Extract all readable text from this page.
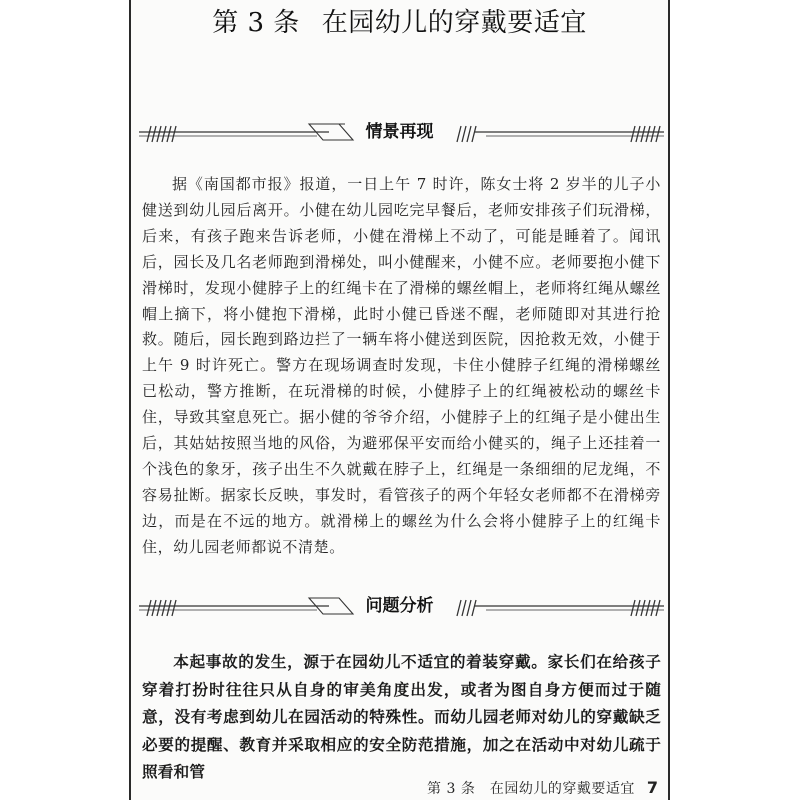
第 3 条 在园幼儿的穿戴要适宜
情景再现

据《南国都市报》报道，一日上午 7 时许，陈女士将 2 岁半的儿子小健送到幼儿园后离开。小健在幼儿园吃完早餐后，老师安排孩子们玩滑梯，后来，有孩子跑来告诉老师，小健在滑梯上不动了，可能是睡着了。闻讯后，园长及几名老师跑到滑梯处，叫小健醒来，小健不应。老师要抱小健下滑梯时，发现小健脖子上的红绳卡在了滑梯的螺丝帽上，老师将红绳从螺丝帽上摘下，将小健抱下滑梯，此时小健已昏迷不醒，老师随即对其进行抢救。随后，园长跑到路边拦了一辆车将小健送到医院，因抢救无效，小健于上午 9 时许死亡。警方在现场调查时发现，卡住小健脖子红绳的滑梯螺丝已松动，警方推断，在玩滑梯的时候，小健脖子上的红绳被松动的螺丝卡住，导致其窒息死亡。据小健的爷爷介绍，小健脖子上的红绳子是小健出生后，其姑姑按照当地的风俗，为避邪保平安而给小健买的，绳子上还挂着一个浅色的象牙，孩子出生不久就戴在脖子上，红绳是一条细细的尼龙绳，不容易扯断。据家长反映，事发时，看管孩子的两个年轻女老师都不在滑梯旁边，而是在不远的地方。就滑梯上的螺丝为什么会将小健脖子上的红绳卡住，幼儿园老师都说不清楚。

问题分析

本起事故的发生，源于在园幼儿不适宜的着装穿戴。家长们在给孩子穿着打扮时往往只从自身的审美角度出发，或者为图自身方便而过于随意，没有考虑到幼儿在园活动的特殊性。而幼儿园老师对幼儿的穿戴缺乏必要的提醒、教育并采取相应的安全防范措施，加之在活动中对幼儿疏于照看和管

第 3 条　在园幼儿的穿戴要适宜 7
